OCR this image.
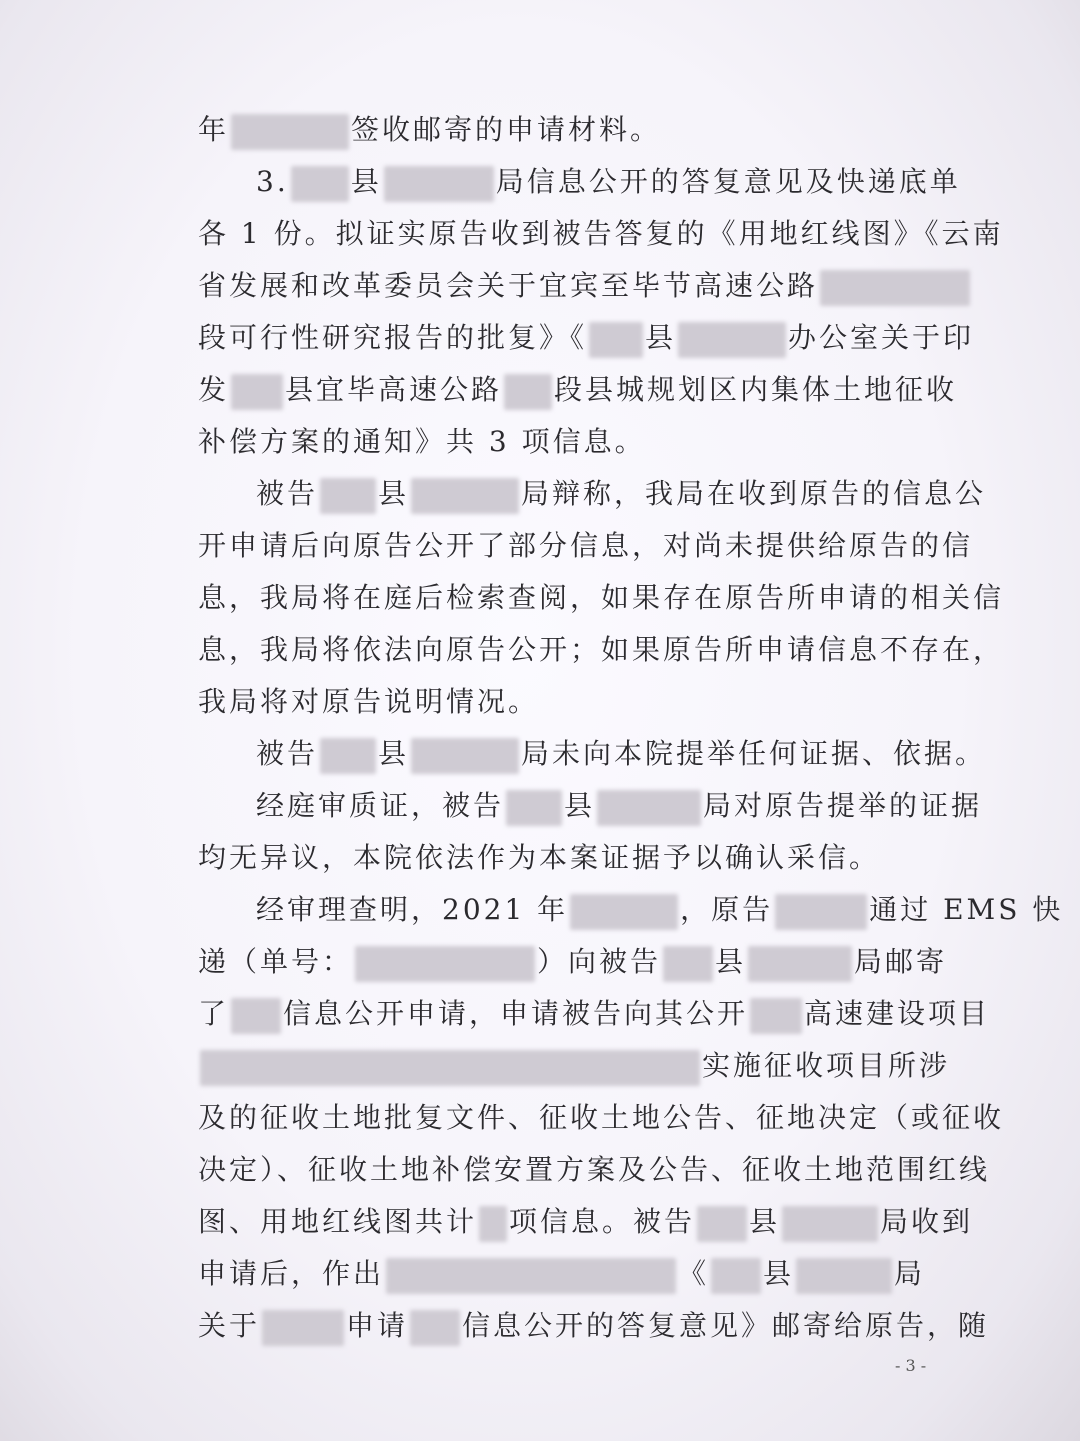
年	签收邮寄的申请材料。
3. 县	局信息公开的答复意见及快递底单
各 1 份。拟证实原告收到被告答复的《用地红线图》《云南
省发展和改革委员会关于宜宾至毕节高速公路
段可行性研究报告的批复》《 县	办公室关于印
发 县宜毕高速公路 段县城规划区内集体土地征收
补偿方案的通知》共 3 项信息。
被告 县	局辩称，我局在收到原告的信息公
开申请后向原告公开了部分信息，对尚未提供给原告的信
息，我局将在庭后检索查阅，如果存在原告所申请的相关信
息，我局将依法向原告公开；如果原告所申请信息不存在，
我局将对原告说明情况。
被告 县	局未向本院提举任何证据、依据。
经庭审质证，被告 县	局对原告提举的证据
均无异议，本院依法作为本案证据予以确认采信。
经审理查明，2021 年	，原告	通过 EMS 快
递（单号：	）向被告 县	局邮寄
了 信息公开申请，申请被告向其公开 高速建设项目
实施征收项目所涉
及的征收土地批复文件、征收土地公告、征地决定（或征收
决定）、征收土地补偿安置方案及公告、征收土地范围红线
图、用地红线图共计 项信息。被告 县	局收到
申请后，作出	《 县	局
关于	申请 信息公开的答复意见》邮寄给原告，随
- 3 -
